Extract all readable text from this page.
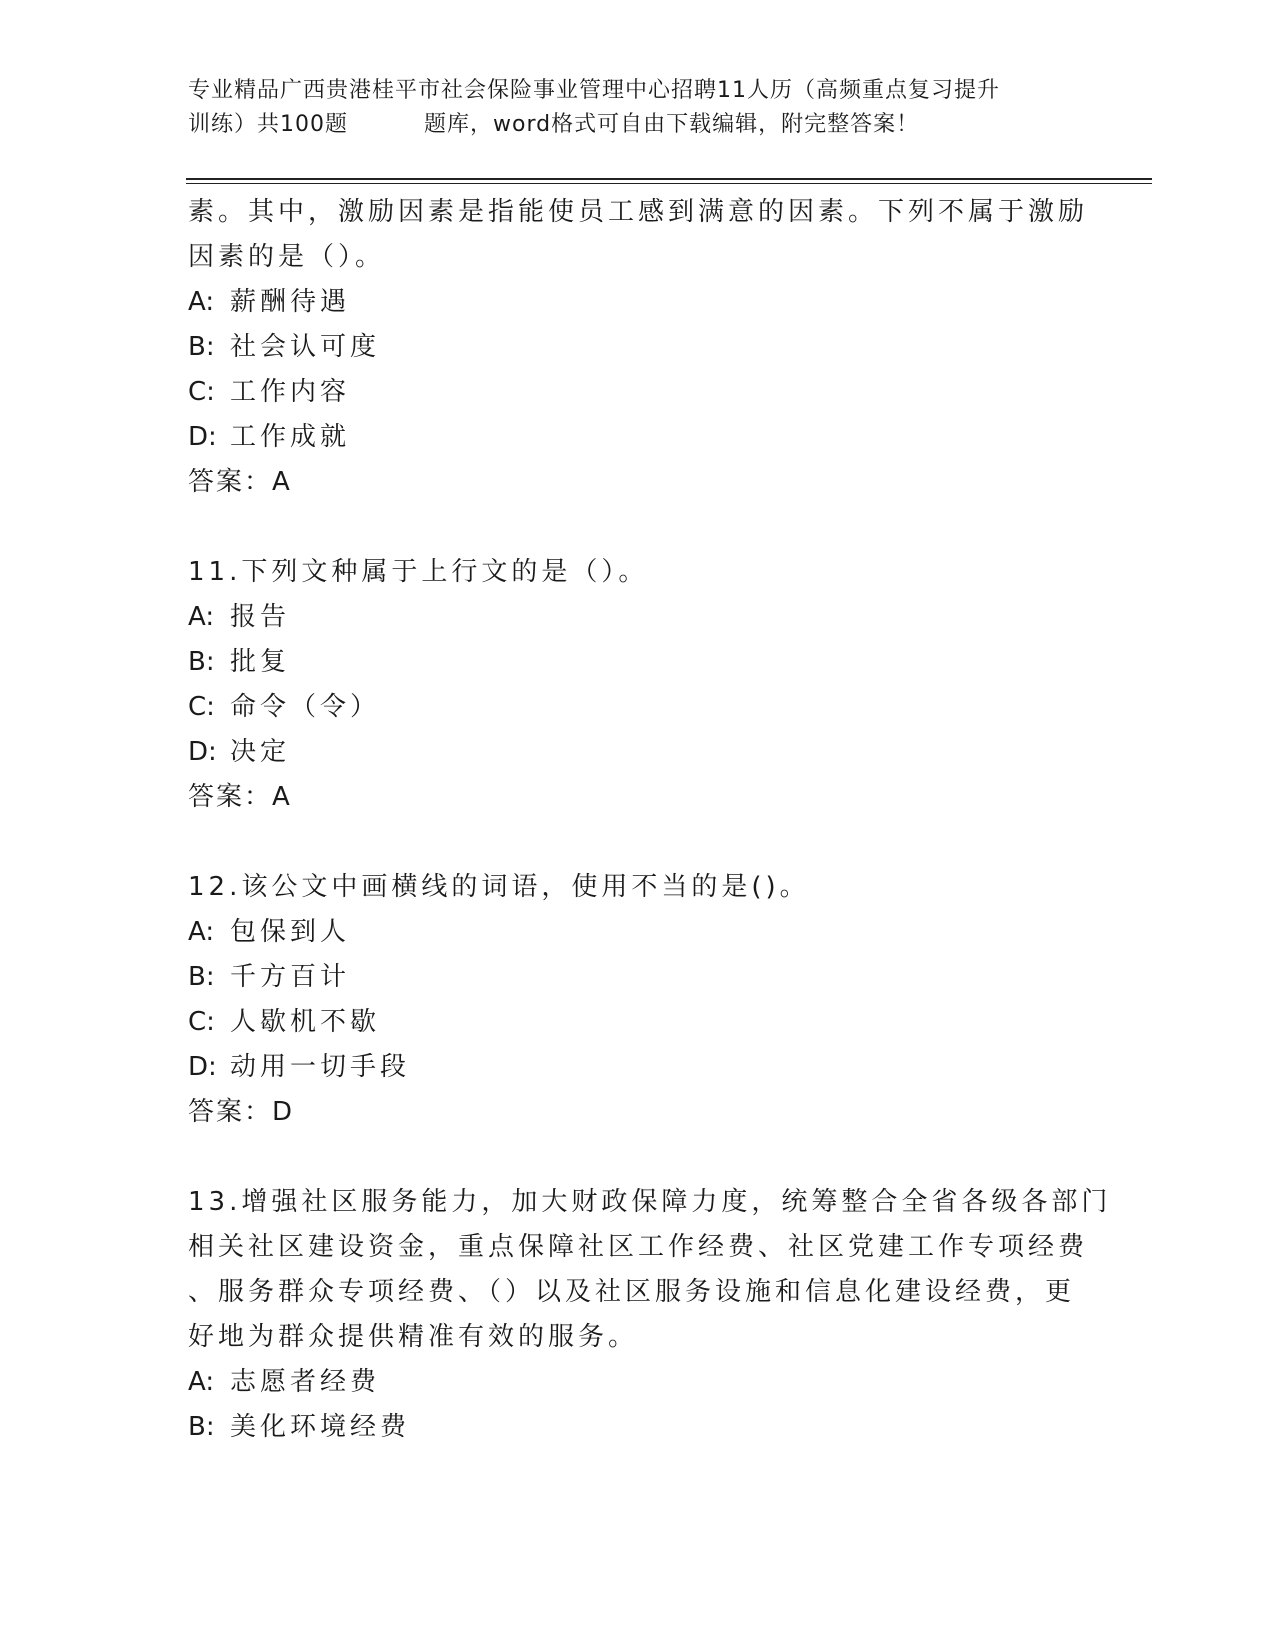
专业精品广西贵港桂平市社会保险事业管理中心招聘11人历（高频重点复习提升
训练）共100题	题库，word格式可自由下载编辑，附完整答案！
素。其中，激励因素是指能使员工感到满意的因素。下列不属于激励
因素的是（）。
A: 薪酬待遇
B: 社会认可度
C: 工作内容
D: 工作成就
答案：A
11.下列文种属于上行文的是（）。
A: 报告
B: 批复
C: 命令（令）
D: 决定
答案：A
12.该公文中画横线的词语，使用不当的是()。
A: 包保到人
B: 千方百计
C: 人歇机不歇
D: 动用一切手段
答案：D
13.增强社区服务能力，加大财政保障力度，统筹整合全省各级各部门
相关社区建设资金，重点保障社区工作经费、社区党建工作专项经费
、服务群众专项经费、（）以及社区服务设施和信息化建设经费，更
好地为群众提供精准有效的服务。
A: 志愿者经费
B: 美化环境经费
